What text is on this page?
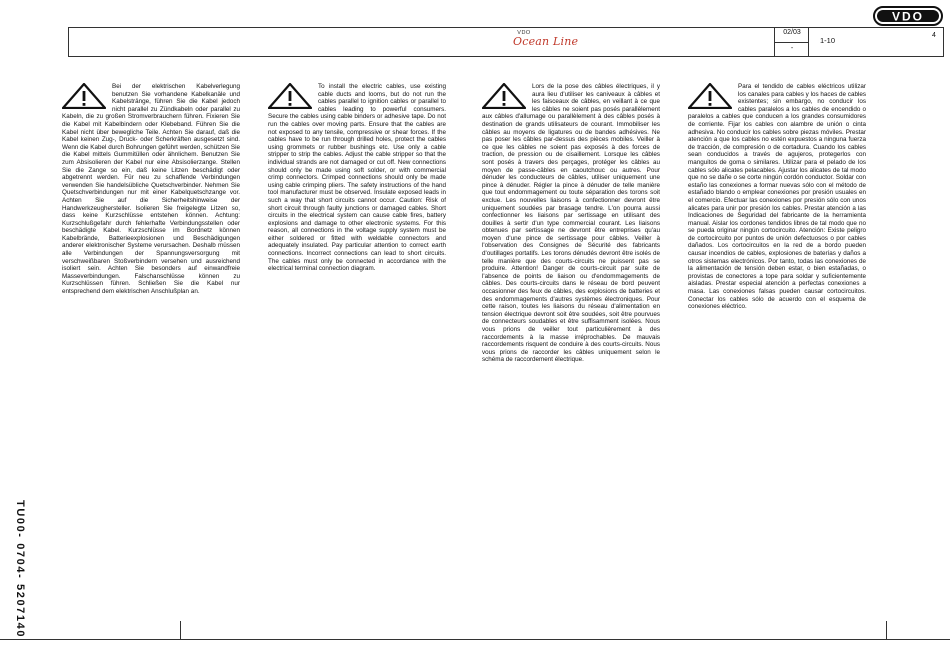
VDO
VDO
Ocean Line
02/03
-
1-10
4

Bei der elektrischen Kabelverlegung benutzen Sie vorhandene Kabelkanäle und Kabelstränge, führen Sie die Kabel jedoch nicht parallel zu Zündkabeln oder parallel zu Kabeln, die zu großen Stromverbrauchern führen. Fixieren Sie die Kabel mit Kabelbindern oder Klebeband. Führen Sie die Kabel nicht über bewegliche Teile. Achten Sie darauf, daß die Kabel keinen Zug-, Druck- oder Scherkräften ausgesetzt sind. Wenn die Kabel durch Bohrungen geführt werden, schützen Sie die Kabel mittels Gummitüllen oder ähnlichem. Benutzen Sie zum Absisolieren der Kabel nur eine Absisolierzange. Stellen Sie die Zange so ein, daß keine Litzen beschädigt oder abgetrennt werden. Für neu zu schaffende Verbindungen verwenden Sie handelsübliche Quetschverbinder. Nehmen Sie Quetschverbindungen nur mit einer Kabelquetschzange vor. Achten Sie auf die Sicherheitshinweise der Handwerkzeughersteller. Isolieren Sie freigelegte Litzen so, dass keine Kurzschlüsse entstehen können. Achtung: Kurzschlußgefahr durch fehlerhafte Verbindungsstellen oder beschädigte Kabel. Kurzschlüsse im Bordnetz können Kabelbrände, Batterieexplosionen und Beschädigungen anderer elektronischer Systeme verursachen. Deshalb müssen alle Verbindungen der Spannungsversorgung mit verschweißbaren Stoßverbindern versehen und ausreichend isoliert sein. Achten Sie besonders auf einwandfreie Masseverbindungen. Falschanschlüsse können zu Kurzschlüssen führen. Schließen Sie die Kabel nur entsprechend dem elektrischen Anschlußplan an.

To install the electric cables, use existing cable ducts and looms, but do not run the cables parallel to ignition cables or parallel to cables leading to powerful consumers. Secure the cables using cable binders or adhesive tape. Do not run the cables over moving parts. Ensure that the cables are not exposed to any tensile, compressive or shear forces. If the cables have to be run through drilled holes, protect the cables using grommets or rubber bushings etc. Use only a cable stripper to strip the cables. Adjust the cable stripper so that the individual strands are not damaged or cut off. New connections should only be made using soft solder, or with commercial crimp connectors. Crimped connections should only be made using cable crimping pliers. The safety instructions of the hand tool manufacturer must be observed. Insulate exposed leads in such a way that short circuits cannot occur. Caution: Risk of short circuit through faulty junctions or damaged cables. Short circuits in the electrical system can cause cable fires, battery explosions and damage to other electronic systems. For this reason, all connections in the voltage supply system must be either soldered or fitted with weldable connectors and adequately insulated. Pay particular attention to correct earth connections. Incorrect connections can lead to short circuits. The cables must only be connected in accordance with the electrical terminal connection diagram.

Lors de la pose des câbles électriques, il y aura lieu d'utiliser les caniveaux à câbles et les faisceaux de câbles, en veillant à ce que les câbles ne soient pas posés parallèlement aux câbles d'allumage ou parallèlement à des câbles posés à destination de grands utilisateurs de courant. Immobiliser les câbles au moyens de ligatures ou de bandes adhésives. Ne pas poser les câbles par-dessus des pièces mobiles. Veiller à ce que les câbles ne soient pas exposés à des forces de traction, de pression ou de cisaillement. Lorsque les câbles sont posés à travers des perçages, protéger les câbles au moyen de passe-câbles en caoutchouc ou autres. Pour dénuder les conducteurs de câbles, utiliser uniquement une pince à dénuder. Régler la pince à dénuder de telle manière que tout endommagement ou toute séparation des torons soit exclue. Les nouvelles liaisons à confectionner devront être uniquement soudées par brasage tendre. L'on pourra aussi confectionner les liaisons par sertissage en utilisant des douilles à sertir d'un type commercial courant. Les liaisons obtenues par sertissage ne devront être entreprises qu'au moyen d'une pince de sertissage pour câbles. Veiller à l'observation des Consignes de Sécurité des fabricants d'outillages portatifs. Les torons dénudés devront être isolés de telle manière que des courts-circuits ne puissent pas se produire. Attention! Danger de courts-circuit par suite de l'absence de points de liaison ou d'endommagements de câbles. Des courts-circuits dans le réseau de bord peuvent occasionner des feux de câbles, des explosions de batteries et des endommagements d'autres systèmes électroniques. Pour cette raison, toutes les liaisons du réseau d'alimentation en tension électrique devront soit être soudées, soit être pourvues de connecteurs soudables et être suffisamment isolées. Nous vous prions de veiller tout particulièrement à des raccordements à la masse irréprochables. De mauvais raccordements risquent de conduire à des courts-circuits. Nous vous prions de raccorder les câbles uniquement selon le schéma de raccordement électrique.

Para el tendido de cables eléctricos utilizar los canales para cables y los haces de cables existentes; sin embargo, no conducir los cables paralelos a los cables de encendido o paralelos a cables que conducen a los grandes consumidores de corriente. Fijar los cables con alambre de unión o cinta adhesiva. No conducir los cables sobre piezas móviles. Prestar atención a que los cables no estén expuestos a ninguna fuerza de tracción, de compresión o de cortadura. Cuando los cables sean conducidos a través de agujeros, protegerlos con manguitos de goma o similares. Utilizar para el pelado de los cables sólo alicates pelacables. Ajustar los alicates de tal modo que no se dañe o se corte ningún cordón conductor. Soldar con estaño las conexiones a formar nuevas sólo con el método de estañado blando o emplear conexiones por presión usuales en el comercio. Efectuar las conexiones por presión sólo con unos alicates para unir por presión los cables. Prestar atención a las Indicaciones de Seguridad del fabricante de la herramienta manual. Aislar los cordones tendidos libres de tal modo que no se pueda originar ningún cortocircuito. Atención: Existe peligro de cortocircuito por puntos de unión defectuosos o por cables dañados. Los cortocircuitos en la red de a bordo pueden causar incendios de cables, explosiones de baterías y daños a otros sistemas electrónicos. Por tanto, todas las conexiones de la alimentación de tensión deben estar, o bien estañadas, o provistas de conectores a tope para soldar y suficientemente aisladas. Prestar especial atención a perfectas conexiones a masa. Las conexiones falsas pueden causar cortocircuitos. Conectar los cables sólo de acuerdo con el esquema de conexiones eléctrico.

TU00- 0704- 5207140
